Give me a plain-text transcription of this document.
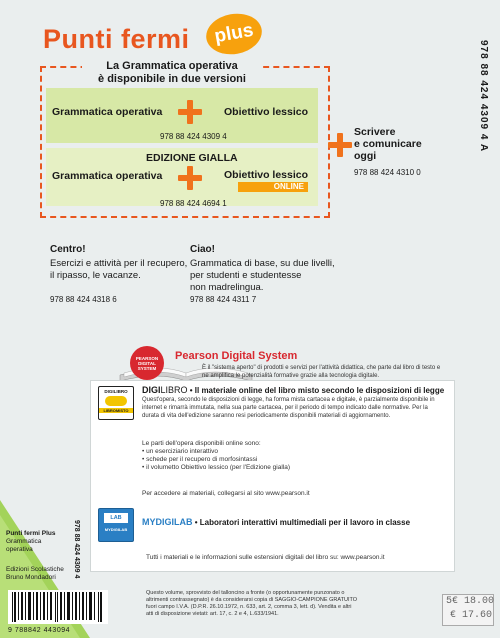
Punti fermi	plus
978 88 424 4309 4 A
La Grammatica operativa
è disponibile in due versioni
Grammatica operativa	Obiettivo lessico
978 88 424 4309 4
EDIZIONE GIALLA
Grammatica operativa	Obiettivo lessico
ONLINE
978 88 424 4694 1
Scrivere
e comunicare
oggi
978 88 424 4310 0
Centro!
Esercizi e attività per il recupero,
il ripasso, le vacanze.
978 88 424 4318 6
Ciao!
Grammatica di base, su due livelli,
per studenti e studentesse
non madrelingua.
978 88 424 4311 7
PEARSON
DIGITAL
SYSTEM
Pearson Digital System
È il "sistema aperto" di prodotti e servizi per l'attività didattica, che parte dal libro di testo e ne amplifica le potenzialità formative grazie alla tecnologia digitale.
DIGILIBRO
LIBROMISTO
DIGILIBRO • Il materiale online del libro misto secondo le disposizioni di legge
Quest'opera, secondo le disposizioni di legge, ha forma mista cartacea e digitale, è parzialmente disponibile in internet e rimarrà immutata, nella sua parte cartacea, per il periodo di tempo indicato dalle normative. Per la durata di vita dell'edizione saranno resi periodicamente disponibili materiali di aggiornamento.
Le parti dell'opera disponibili online sono:
• un eserciziario interattivo
• schede per il recupero di morfosintassi
• il volumetto Obiettivo lessico (per l'Edizione gialla)
Per accedere ai materiali, collegarsi al sito www.pearson.it
LAB
MYDIGILAB
MYDIGILAB • Laboratori interattivi multimediali per il lavoro in classe
Tutti i materiali e le informazioni sulle estensioni digitali del libro su: www.pearson.it
Punti fermi Plus
Grammatica
operativa	978 88 424 4309 4
Edizioni Scolastiche
Bruno Mondadori
9 788842 443094
Questo volume, sprovvisto del talloncino a fronte (o opportunamente punzonato o altrimenti contrassegnato) è da considerarsi copia di SAGGIO-CAMPIONE GRATUITO fuori campo I.V.A. (D.P.R. 26.10.1972, n. 633, art. 2, comma 3, lett. d). Vendita e altri atti di disposizione vietati: art. 17, c. 2 e 4, L.633/1941.
5€ 18.00
€ 17.60
